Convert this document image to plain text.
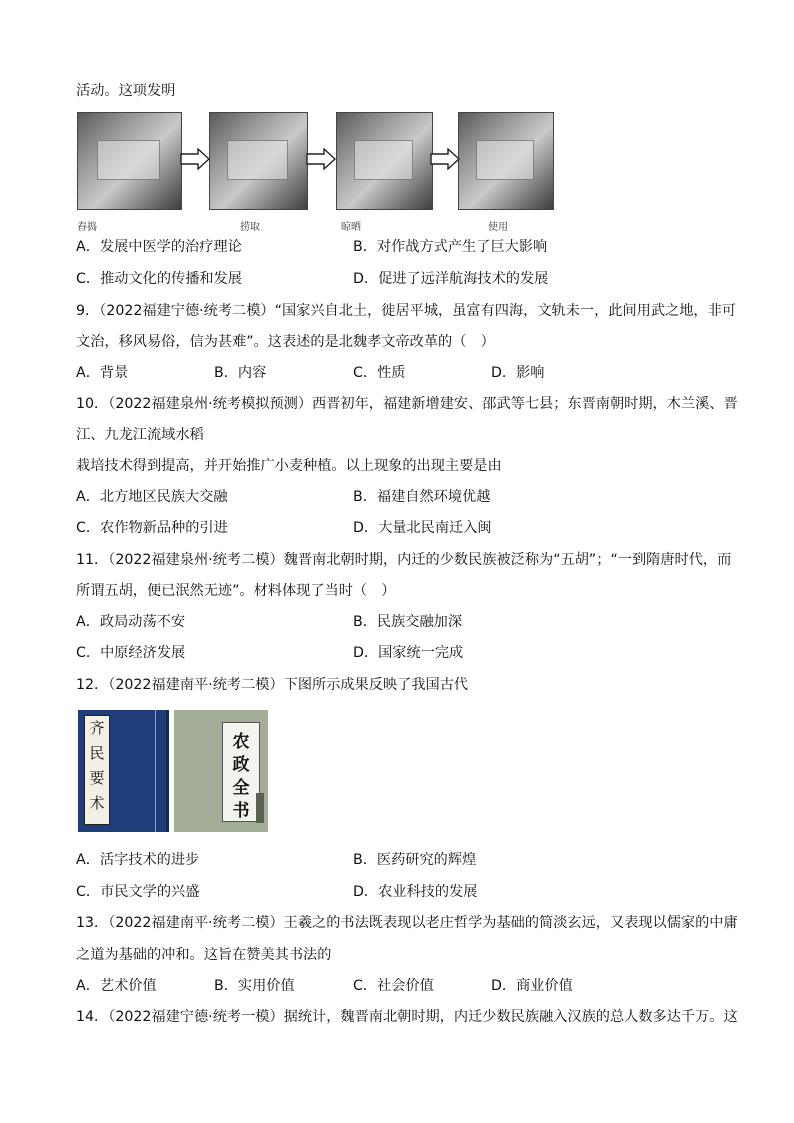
活动。这项发明
舂捣	捞取	晾晒	使用
A．发展中医学的治疗理论	B．对作战方式产生了巨大影响
C．推动文化的传播和发展	D．促进了远洋航海技术的发展
9．（2022福建宁德·统考二模）“国家兴自北土，徙居平城，虽富有四海，文轨未一，此间用武之地，非可
文治，移风易俗，信为甚难”。这表述的是北魏孝文帝改革的（　）
A．背景	B．内容	C．性质	D．影响
10．（2022福建泉州·统考模拟预测）西晋初年，福建新增建安、邵武等七县；东晋南朝时期，木兰溪、晋
江、九龙江流域水稻
栽培技术得到提高，并开始推广小麦种植。以上现象的出现主要是由
A．北方地区民族大交融	B．福建自然环境优越
C．农作物新品种的引进	D．大量北民南迁入闽
11．（2022福建泉州·统考二模）魏晋南北朝时期，内迁的少数民族被泛称为“五胡”；“一到隋唐时代，而
所谓五胡，便已泯然无迹”。材料体现了当时（　）
A．政局动荡不安	B．民族交融加深
C．中原经济发展	D．国家统一完成
12．（2022福建南平·统考二模）下图所示成果反映了我国古代
齐民要术
农政全书
A．活字技术的进步	B．医药研究的辉煌
C．市民文学的兴盛	D．农业科技的发展
13．（2022福建南平·统考二模）王羲之的书法既表现以老庄哲学为基础的简淡玄远，又表现以儒家的中庸
之道为基础的冲和。这旨在赞美其书法的
A．艺术价值	B．实用价值	C．社会价值	D．商业价值
14．（2022福建宁德·统考一模）据统计，魏晋南北朝时期，内迁少数民族融入汉族的总人数多达千万。这
